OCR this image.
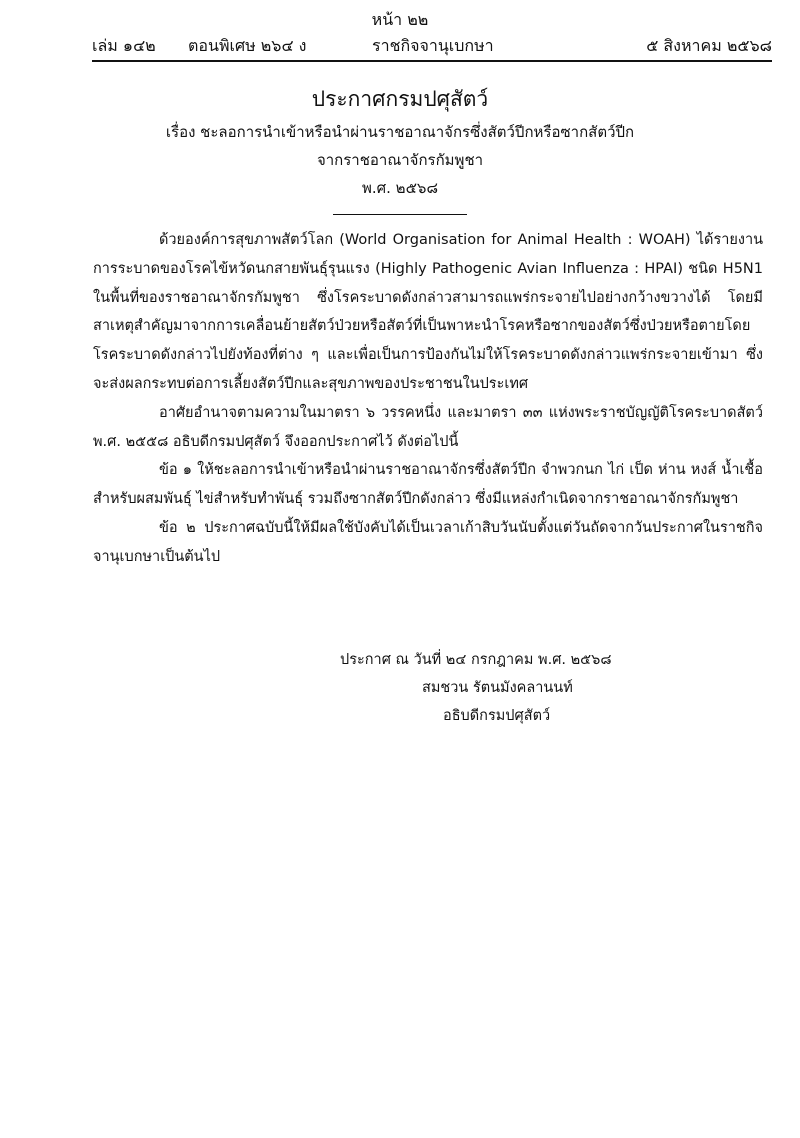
หน้า ๒๒
เล่ม ๑๔๒ ตอนพิเศษ ๒๖๔ ง	ราชกิจจานุเบกษา	๕ สิงหาคม ๒๕๖๘
ประกาศกรมปศุสัตว์
เรื่อง ชะลอการนำเข้าหรือนำผ่านราชอาณาจักรซึ่งสัตว์ปีกหรือซากสัตว์ปีก
จากราชอาณาจักรกัมพูชา
พ.ศ. ๒๕๖๘

ด้วยองค์การสุขภาพสัตว์โลก (World Organisation for Animal Health : WOAH) ได้รายงานการระบาดของโรคไข้หวัดนกสายพันธุ์รุนแรง (Highly Pathogenic Avian Influenza : HPAI) ชนิด H5N1 ในพื้นที่ของราชอาณาจักรกัมพูชา ซึ่งโรคระบาดดังกล่าวสามารถแพร่กระจายไปอย่างกว้างขวางได้ โดยมีสาเหตุสำคัญมาจากการเคลื่อนย้ายสัตว์ป่วยหรือสัตว์ที่เป็นพาหะนำโรคหรือซากของสัตว์ซึ่งป่วยหรือตายโดยโรคระบาดดังกล่าวไปยังท้องที่ต่าง ๆ และเพื่อเป็นการป้องกันไม่ให้โรคระบาดดังกล่าวแพร่กระจายเข้ามา ซึ่งจะส่งผลกระทบต่อการเลี้ยงสัตว์ปีกและสุขภาพของประชาชนในประเทศ

อาศัยอำนาจตามความในมาตรา ๖ วรรคหนึ่ง และมาตรา ๓๓ แห่งพระราชบัญญัติโรคระบาดสัตว์ พ.ศ. ๒๕๕๘ อธิบดีกรมปศุสัตว์ จึงออกประกาศไว้ ดังต่อไปนี้

ข้อ ๑ ให้ชะลอการนำเข้าหรือนำผ่านราชอาณาจักรซึ่งสัตว์ปีก จำพวกนก ไก่ เป็ด ห่าน หงส์ น้ำเชื้อสำหรับผสมพันธุ์ ไข่สำหรับทำพันธุ์ รวมถึงซากสัตว์ปีกดังกล่าว ซึ่งมีแหล่งกำเนิดจากราชอาณาจักรกัมพูชา

ข้อ ๒ ประกาศฉบับนี้ให้มีผลใช้บังคับได้เป็นเวลาเก้าสิบวันนับตั้งแต่วันถัดจากวันประกาศในราชกิจจานุเบกษาเป็นต้นไป

ประกาศ ณ วันที่ ๒๔ กรกฎาคม พ.ศ. ๒๕๖๘
สมชวน รัตนมังคลานนท์
อธิบดีกรมปศุสัตว์
